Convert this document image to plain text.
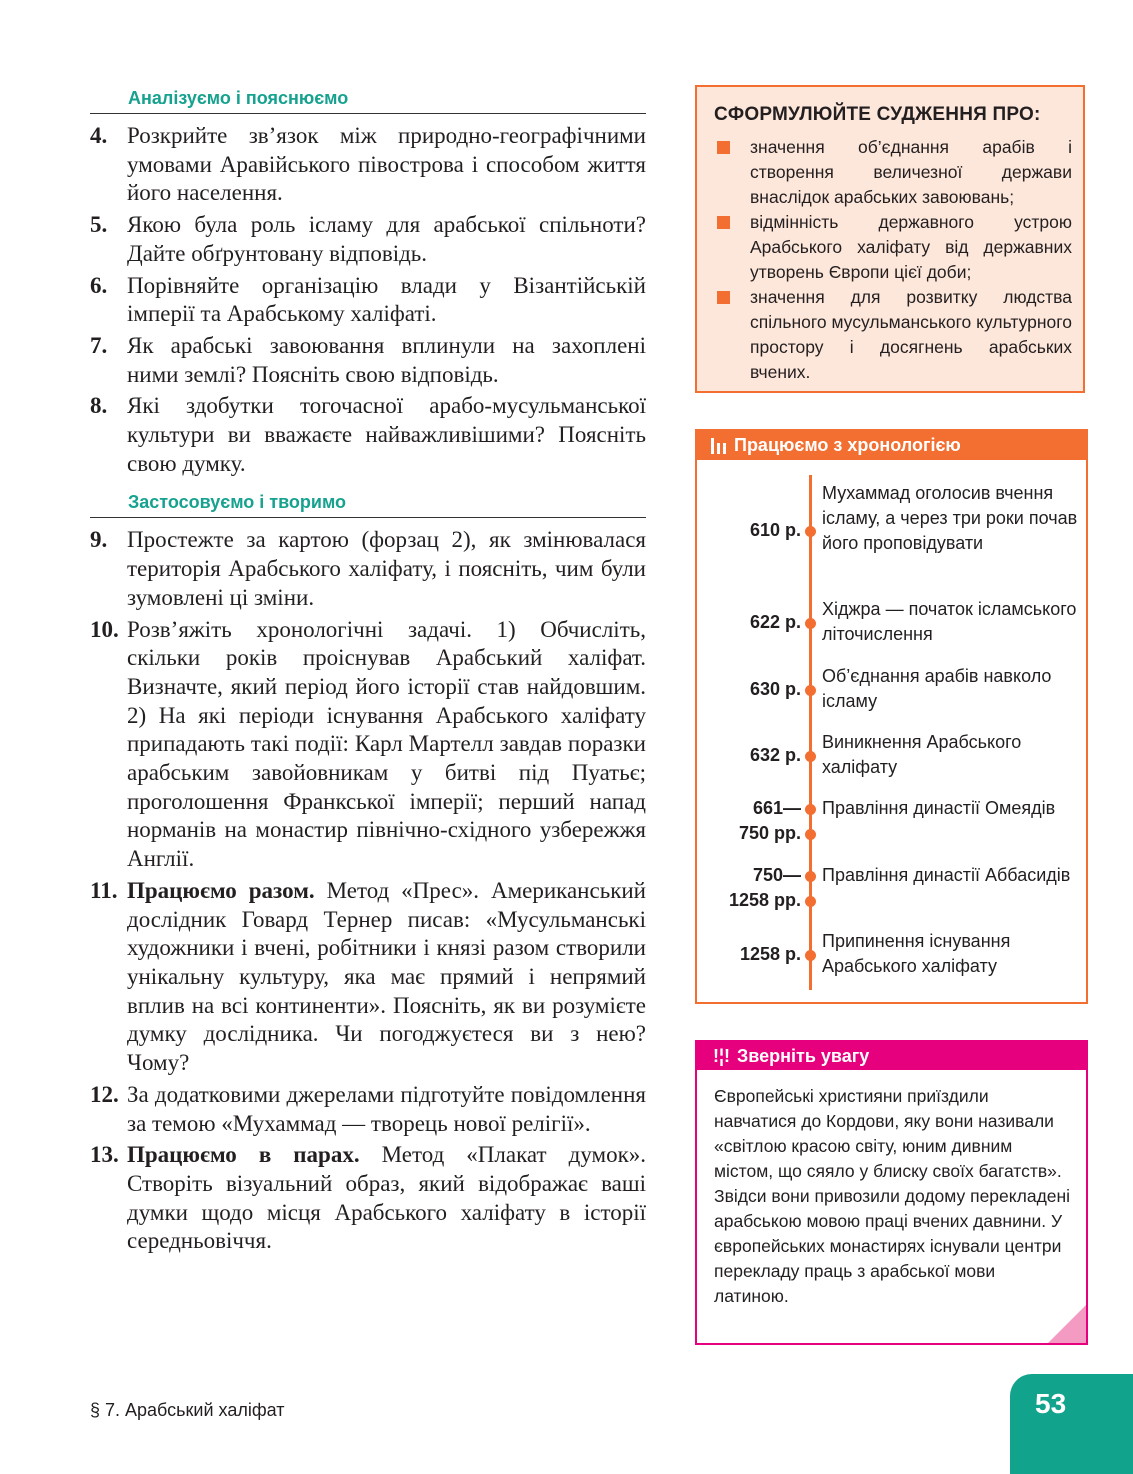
Аналізуємо і пояснюємо
4. Розкрийте зв’язок між природно-географічними умовами Аравійського півострова і способом життя його населення.
5. Якою була роль ісламу для арабської спільноти? Дайте обґрунтовану відповідь.
6. Порівняйте організацію влади у Візантійській імперії та Арабському халіфаті.
7. Як арабські завоювання вплинули на захоплені ними землі? Поясніть свою відповідь.
8. Які здобутки тогочасної арабо-мусульманської культури ви вважаєте найважливішими? Поясніть свою думку.
Застосовуємо і творимо
9. Простежте за картою (форзац 2), як змінювалася територія Арабського халіфату, і поясніть, чим були зумовлені ці зміни.
10. Розв’яжіть хронологічні задачі. 1) Обчисліть, скільки років проіснував Арабський халіфат. Визначте, який період його історії став найдовшим. 2) На які періоди існування Арабського халіфату припадають такі події: Карл Мартелл завдав поразки арабським завойовникам у битві під Пуатьє; проголошення Франкської імперії; перший напад норманів на монастир північно-східного узбережжя Англії.
11. Працюємо разом. Метод «Прес». Американський дослідник Говард Тернер писав: «Мусульманські художники і вчені, робітники і князі разом створили унікальну культуру, яка має прямий і непрямий вплив на всі континенти». Поясніть, як ви розумієте думку дослідника. Чи погоджуєтеся ви з нею? Чому?
12. За додатковими джерелами підготуйте повідомлення за темою «Мухаммад — творець нової релігії».
13. Працюємо в парах. Метод «Плакат думок». Створіть візуальний образ, який відображає ваші думки щодо місця Арабського халіфату в історії середньовіччя.
СФОРМУЛЮЙТЕ СУДЖЕННЯ ПРО:
значення об’єднання арабів і створення величезної держави внаслідок арабських завоювань;
відмінність державного устрою Арабського халіфату від державних утворень Європи цієї доби;
значення для розвитку людства спільного мусульманського культурного простору і досягнень арабських вчених.
Працюємо з хронологією
610 р.
Мухаммад оголосив вчення ісламу, а через три роки почав його проповідувати
622 р.
Хіджра — початок ісламського літочислення
630 р.
Об’єднання арабів навколо ісламу
632 р.
Виникнення Арабського халіфату
661—
750 рр.
Правління династії Омеядів
750—
1258 рр.
Правління династії Аббасидів
1258 р.
Припинення існування Арабського халіфату
!¦! Зверніть увагу
Європейські християни приїздили навчатися до Кордови, яку вони називали «світлою красою світу, юним дивним містом, що сяяло у блиску своїх багатств». Звідси вони привозили додому перекладені арабською мовою праці вчених давнини. У європейських монастирях існували центри перекладу праць з арабської мови латиною.
§ 7. Арабський халіфат	53
